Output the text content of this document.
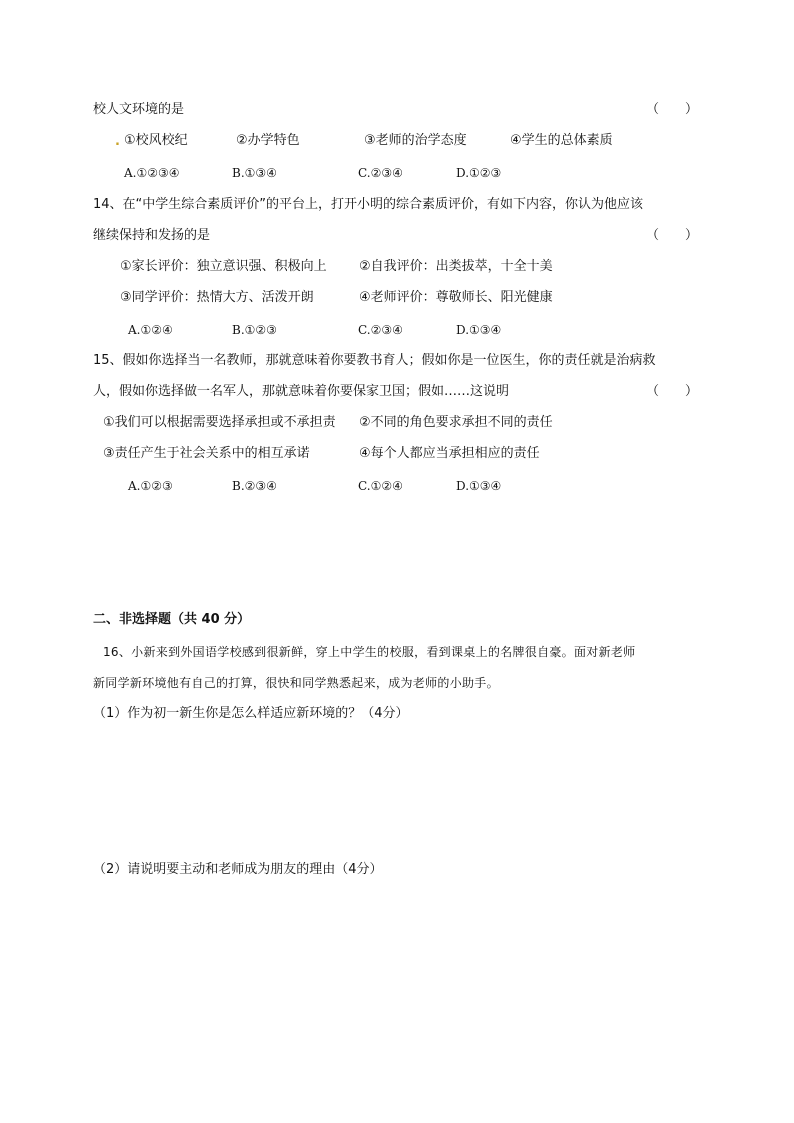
校人文环境的是	（　　）
. ①校风校纪	②办学特色	③老师的治学态度	④学生的总体素质
A.①②③④	B.①③④	C.②③④	D.①②③
14、在“中学生综合素质评价”的平台上，打开小明的综合素质评价，有如下内容，你认为他应该
继续保持和发扬的是	（　　）
①家长评价：独立意识强、积极向上 ②自我评价：出类拔萃，十全十美
③同学评价：热情大方、活泼开朗	④老师评价：尊敬师长、阳光健康
A.①②④	B.①②③	C.②③④	D.①③④
15、假如你选择当一名教师，那就意味着你要教书育人；假如你是一位医生，你的责任就是治病救
人，假如你选择做一名军人，那就意味着你要保家卫国；假如……这说明	（　　）
①我们可以根据需要选择承担或不承担责 ②不同的角色要求承担不同的责任
③责任产生于社会关系中的相互承诺	④每个人都应当承担相应的责任
A.①②③	B.②③④	C.①②④	D.①③④
二、非选择题（共 40 分）
16、小新来到外国语学校感到很新鲜，穿上中学生的校服，看到课桌上的名牌很自豪。面对新老师
新同学新环境他有自己的打算，很快和同学熟悉起来，成为老师的小助手。
（1）作为初一新生你是怎么样适应新环境的？（4分）
（2）请说明要主动和老师成为朋友的理由（4分）
